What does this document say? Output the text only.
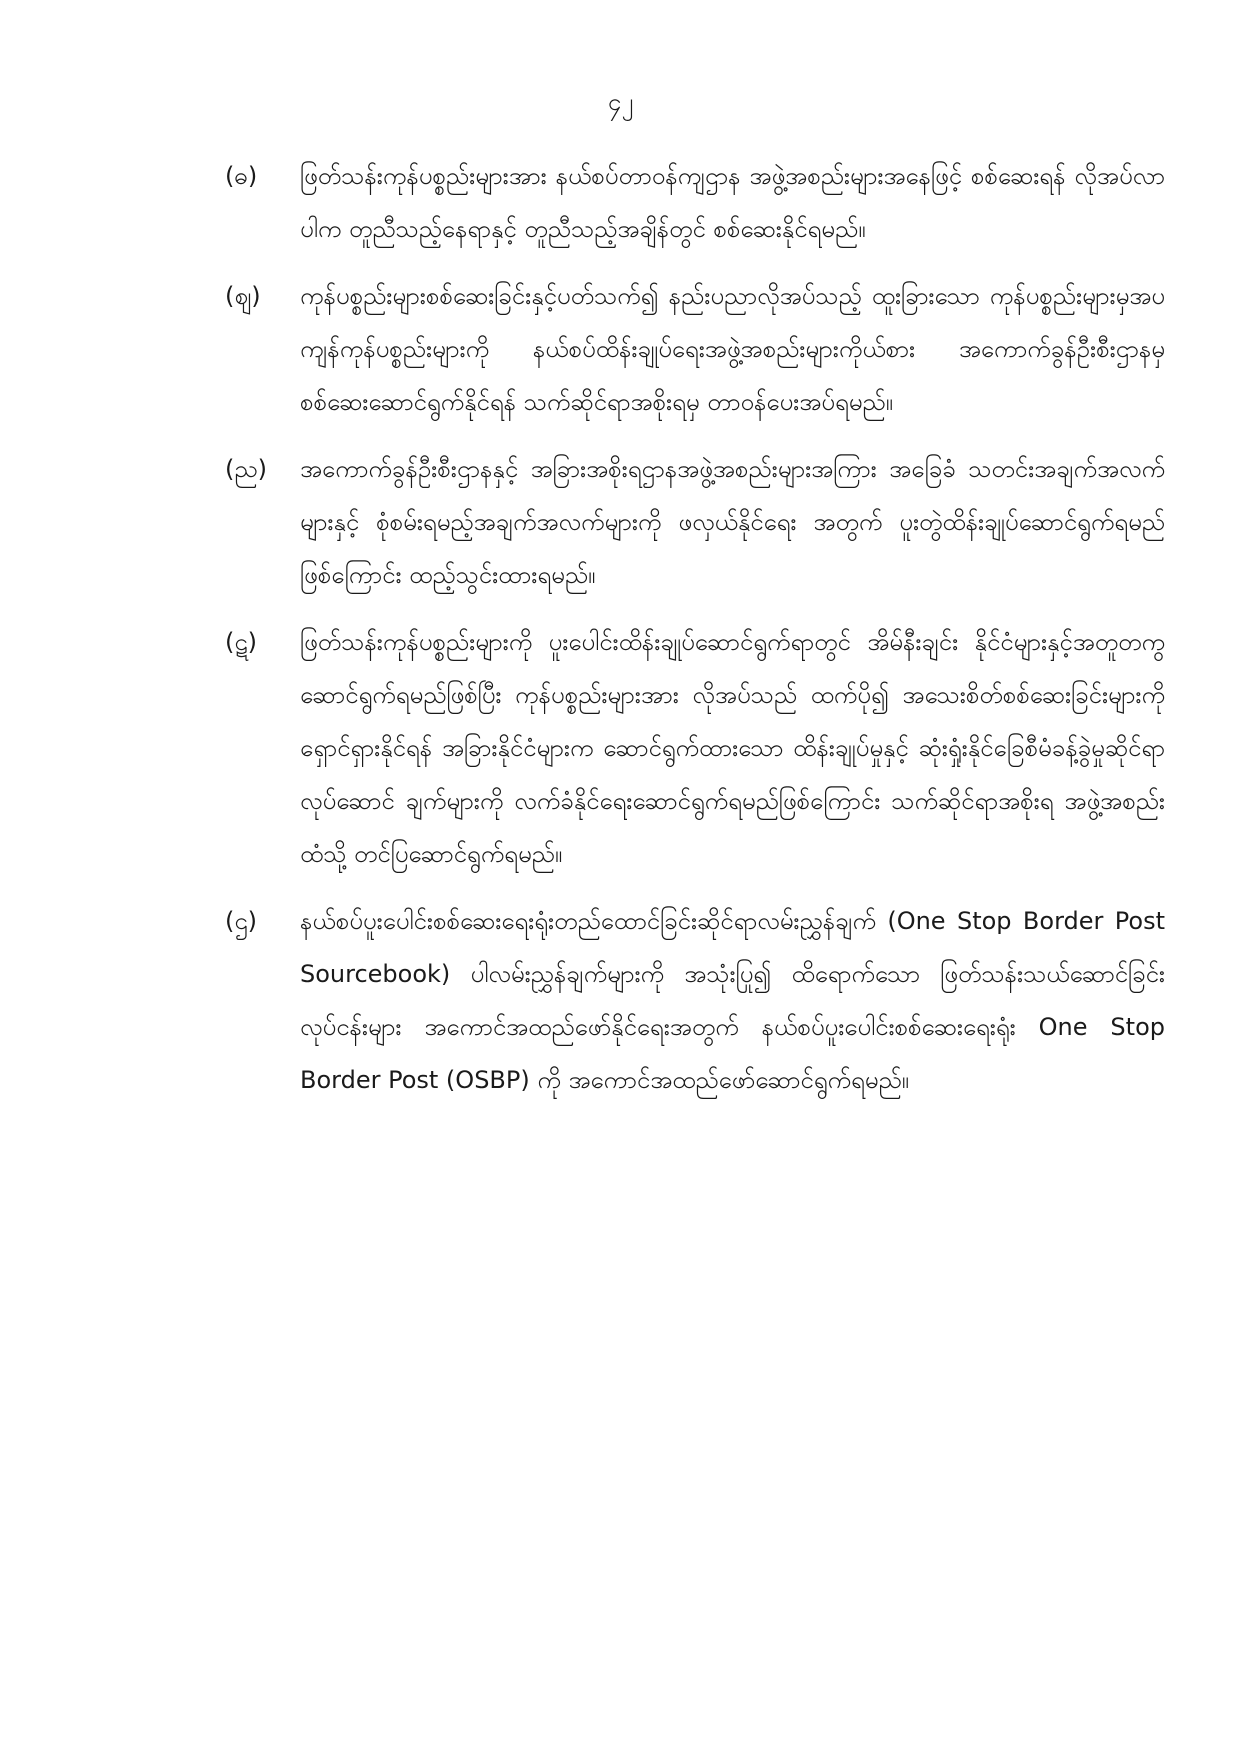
၄၂
(ဓ)	ဖြတ်သန်းကုန်ပစ္စည်းများအား နယ်စပ်တာဝန်ကျဌာန အဖွဲ့အစည်းများအနေဖြင့် စစ်ဆေးရန် လိုအပ်လာပါက တူညီသည့်နေရာနှင့် တူညီသည့်အချိန်တွင် စစ်ဆေးနိုင်ရမည်။
(ဈ)	ကုန်ပစ္စည်းများစစ်ဆေးခြင်းနှင့်ပတ်သက်၍ နည်းပညာလိုအပ်သည့် ထူးခြားသော ကုန်ပစ္စည်းများမှအပ ကျန်ကုန်ပစ္စည်းများကို နယ်စပ်ထိန်းချုပ်ရေးအဖွဲ့အစည်းများကိုယ်စား အကောက်ခွန်ဦးစီးဌာနမှ စစ်ဆေးဆောင်ရွက်နိုင်ရန် သက်ဆိုင်ရာအစိုးရမှ တာဝန်ပေးအပ်ရမည်။
(ည)	အကောက်ခွန်ဦးစီးဌာနနှင့် အခြားအစိုးရဌာနအဖွဲ့အစည်းများအကြား အခြေခံ သတင်းအချက်အလက်များနှင့် စုံစမ်းရမည့်အချက်အလက်များကို ဖလှယ်နိုင်ရေး အတွက် ပူးတွဲထိန်းချုပ်ဆောင်ရွက်ရမည်ဖြစ်ကြောင်း ထည့်သွင်းထားရမည်။
(ဋ)	ဖြတ်သန်းကုန်ပစ္စည်းများကို ပူးပေါင်းထိန်းချုပ်ဆောင်ရွက်ရာတွင် အိမ်နီးချင်း နိုင်ငံများနှင့်အတူတကွဆောင်ရွက်ရမည်ဖြစ်ပြီး ကုန်ပစ္စည်းများအား လိုအပ်သည် ထက်ပို၍ အသေးစိတ်စစ်ဆေးခြင်းများကို ရှောင်ရှားနိုင်ရန် အခြားနိုင်ငံများက ဆောင်ရွက်ထားသော ထိန်းချုပ်မှုနှင့် ဆုံးရှုံးနိုင်ခြေစီမံခန့်ခွဲမှုဆိုင်ရာ လုပ်ဆောင် ချက်များကို လက်ခံနိုင်ရေးဆောင်ရွက်ရမည်ဖြစ်ကြောင်း သက်ဆိုင်ရာအစိုးရ အဖွဲ့အစည်းထံသို့ တင်ပြဆောင်ရွက်ရမည်။
(ဌ)	နယ်စပ်ပူးပေါင်းစစ်ဆေးရေးရုံးတည်ထောင်ခြင်းဆိုင်ရာလမ်းညွှန်ချက် (One Stop Border Post Sourcebook) ပါလမ်းညွှန်ချက်များကို အသုံးပြု၍ ထိရောက်သော ဖြတ်သန်းသယ်ဆောင်ခြင်းလုပ်ငန်းများ အကောင်အထည်ဖော်နိုင်ရေးအတွက် နယ်စပ်ပူးပေါင်းစစ်ဆေးရေးရုံး One Stop Border Post (OSBP) ကို အကောင်အထည်ဖော်ဆောင်ရွက်ရမည်။
